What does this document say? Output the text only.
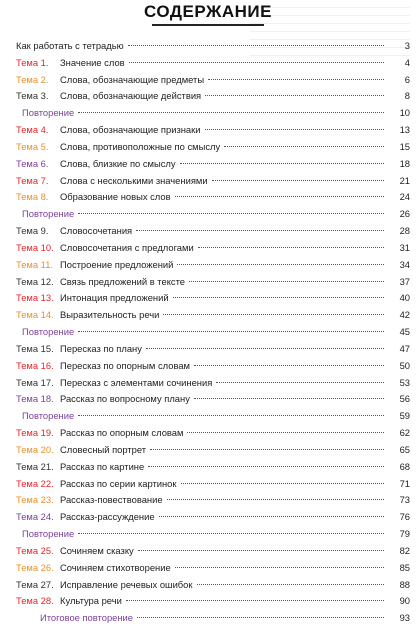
СОДЕРЖАНИЕ
Как работать с тетрадью	3
Тема 1. Значение слов	4
Тема 2. Слова, обозначающие предметы	6
Тема 3. Слова, обозначающие действия	8
Повторение	10
Тема 4. Слова, обозначающие признаки	13
Тема 5. Слова, противоположные по смыслу	15
Тема 6. Слова, близкие по смыслу	18
Тема 7. Слова с несколькими значениями	21
Тема 8. Образование новых слов	24
Повторение	26
Тема 9. Словосочетания	28
Тема 10. Словосочетания с предлогами	31
Тема 11. Построение предложений	34
Тема 12. Связь предложений в тексте	37
Тема 13. Интонация предложений	40
Тема 14. Выразительность речи	42
Повторение	45
Тема 15. Пересказ по плану	47
Тема 16. Пересказ по опорным словам	50
Тема 17. Пересказ с элементами сочинения	53
Тема 18. Рассказ по вопросному плану	56
Повторение	59
Тема 19. Рассказ по опорным словам	62
Тема 20. Словесный портрет	65
Тема 21. Рассказ по картине	68
Тема 22. Рассказ по серии картинок	71
Тема 23. Рассказ-повествование	73
Тема 24. Рассказ-рассуждение	76
Повторение	79
Тема 25. Сочиняем сказку	82
Тема 26. Сочиняем стихотворение	85
Тема 27. Исправление речевых ошибок	88
Тема 28. Культура речи	90
Итоговое повторение	93
